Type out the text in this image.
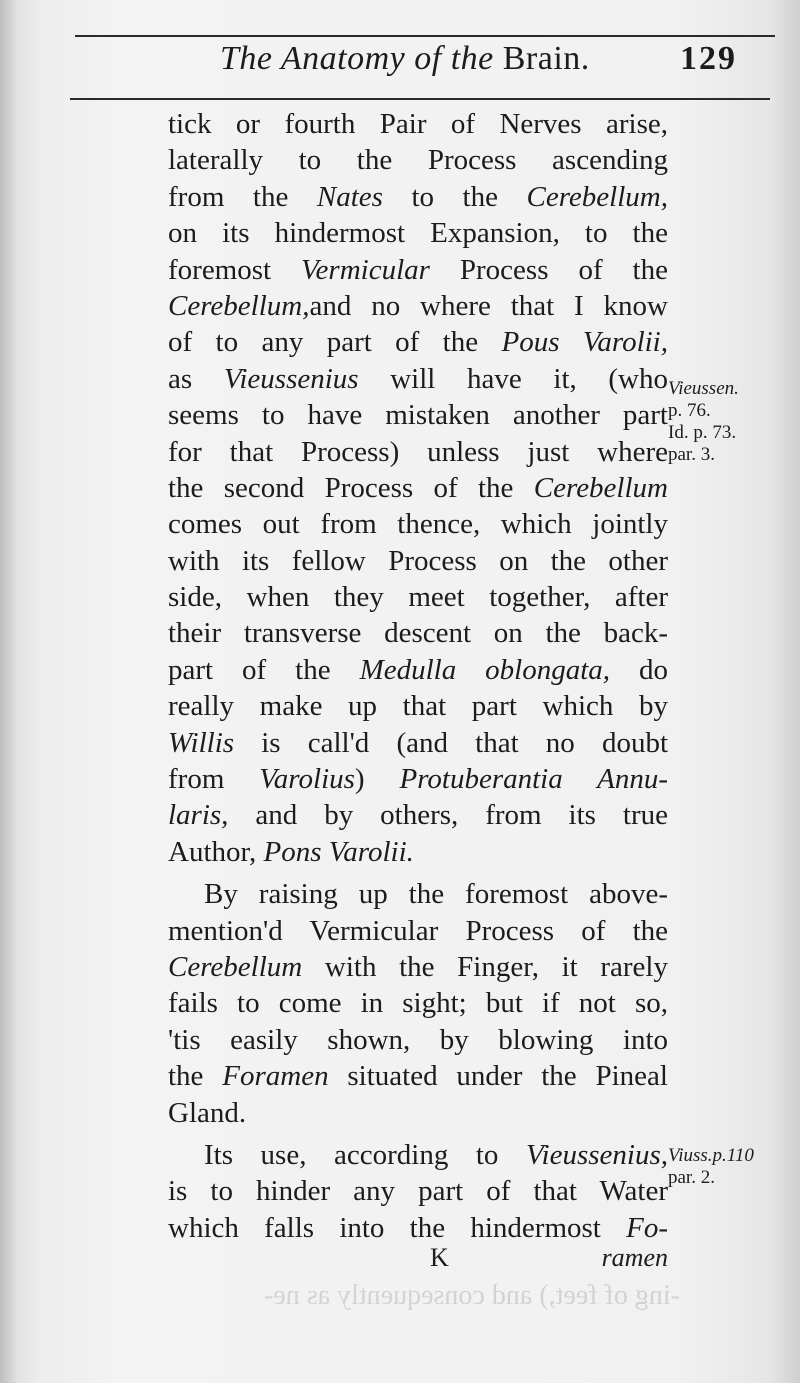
The Anatomy of the Brain.	129
tick or fourth Pair of Nerves arise,
laterally to the Process ascending
from the Nates to the Cerebellum,
on its hindermost Expansion, to the
foremost Vermicular Process of the
Cerebellum,and no where that I know
of to any part of the Pous Varolii,
as Vieussenius will have it, (who
seems to have mistaken another part
for that Process) unless just where
the second Process of the Cerebellum
comes out from thence, which jointly
with its fellow Process on the other
side, when they meet together, after
their transverse descent on the back-
part of the Medulla oblongata, do
really make up that part which by
Willis is call'd (and that no doubt
from Varolius) Protuberantia Annu-
laris, and by others, from its true
Author, Pons Varolii.
By raising up the foremost above-
mention'd Vermicular Process of the
Cerebellum with the Finger, it rarely
fails to come in sight; but if not so,
'tis easily shown, by blowing into
the Foramen situated under the Pineal
Gland.
Its use, according to Vieussenius,
is to hinder any part of that Water
which falls into the hindermost Fo-
Vieussen.
p. 76.
Id. p. 73.
par. 3.
Viuss.p.110
par. 2.
K	ramen
-ing of feet,) and consequently as ne-
